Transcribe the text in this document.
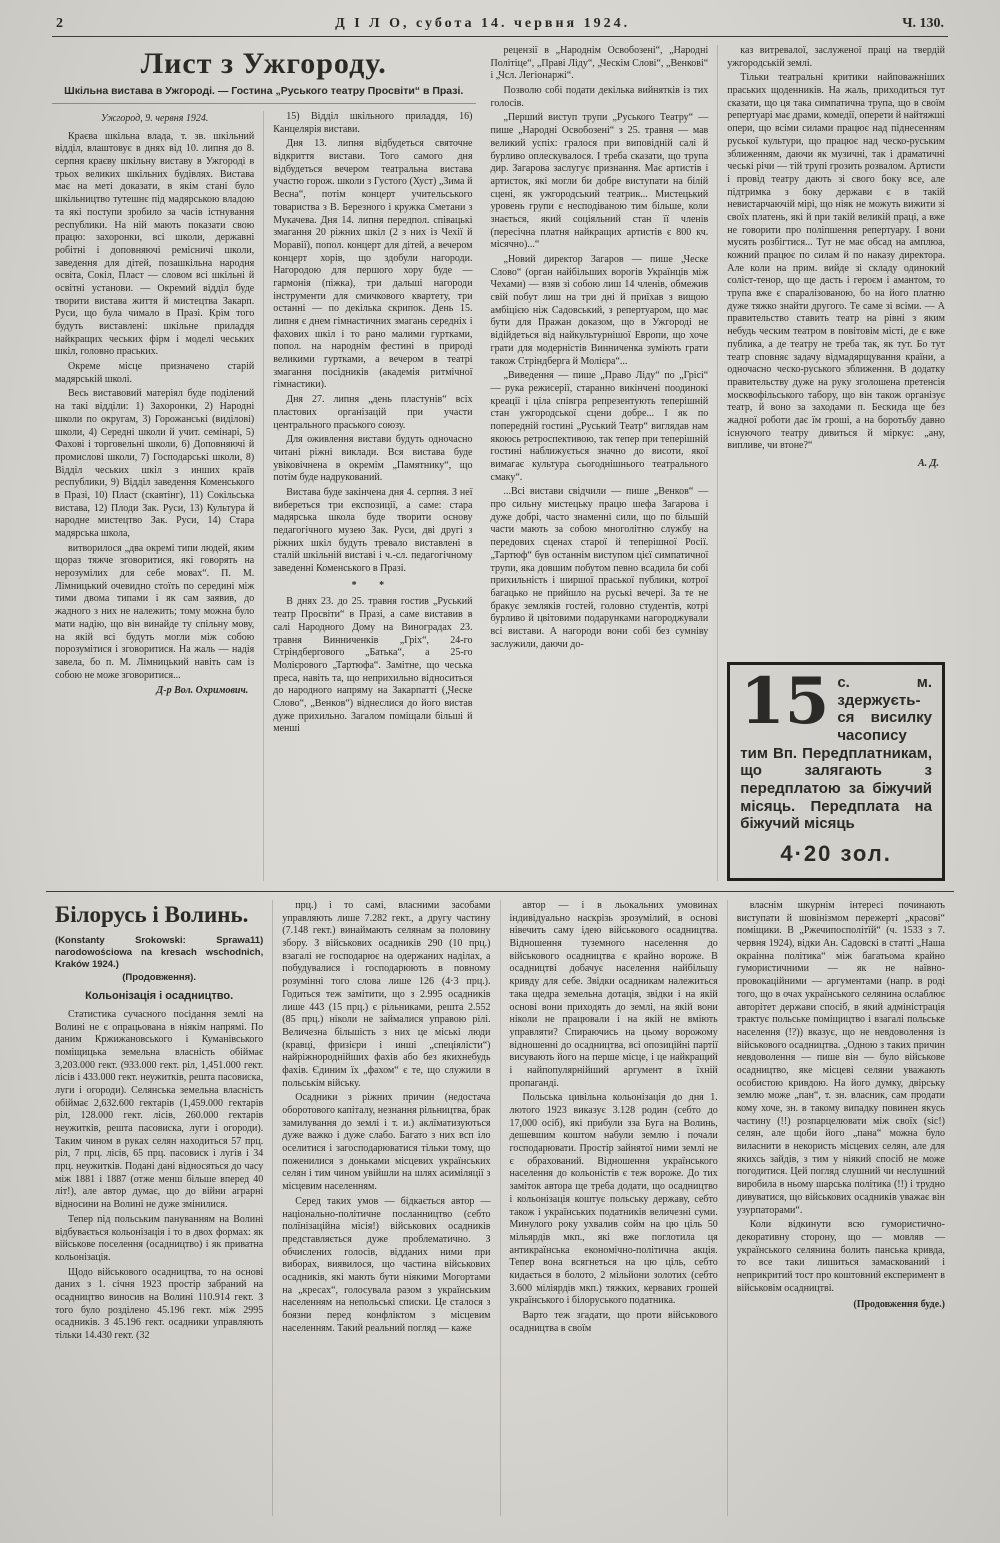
2	Д І Л О, субота 14. червня 1924.	Ч. 130.
Лист з Ужгороду.
Шкільна вистава в Ужгороді. — Гостина „Руського театру Просвіти“ в Празі.

Ужгород, 9. червня 1924.

Краєва шкільна влада, т. зв. шкільний відділ, влаштовує в днях від 10. липня до 8. серпня краєву шкільну виставу в Ужгороді в трьох великих шкільних будівлях. Вистава має на меті доказати, в якім стані було шкільництво тутешнє під мадярською владою та які поступи зробило за часів істнування республики. На ній мають показати свою працю: захоронки, всі школи, державні робітні і доповняючі ремісничі школи, заведення для дітей, позашкільна народня освіта, Сокіл, Пласт — словом всі шкільні й освітні установи. — Окремий відділ буде творити вистава життя й мистецтва Закарп. Руси, що була чимало в Празі. Крім того будуть виставлені: шкільне приладдя найкращих чеських фірм і моделі чеських шкіл, головно праських.

Окреме місце призначено старій мадярській школі.

Весь виставовий матеріял буде поділений на такі відділи: 1) Захоронки, 2) Народні школи по округам, 3) Горожанські (виділові) школи, 4) Середні школи й учит. семінарі, 5) Фахові і торговельні школи, 6) Доповняючі й промислові школи, 7) Господарські школи, 8) Відділ чеських шкіл з инших країв республики, 9) Відділ заведення Коменського в Празі, 10) Пласт (скавтінг), 11) Сокільська вистава, 12) Плоди Зак. Руси, 13) Культура й народне мистецтво Зак. Руси, 14) Стара мадярська школа,

витворилося „два окремі типи людей, яким щораз тяжче зговоритися, які говорять на нерозумілих для себе мовах“. П. М. Лімницький очевидно стоїть по середині між тими двома типами і як сам заявив, до жадного з них не належить; тому можна було мати надію, що він винайде ту спільну мову, на якій всі будуть могли між собою порозумітися і зговоритися. На жаль — надія завела, бо п. М. Лімницький навіть сам із собою не може зговоритися...

Д-р Вол. Охримович.

15) Відділ шкільного приладдя, 16) Канцелярія вистави.

Дня 13. липня відбудеться святочне відкриття вистави. Того самого дня відбудеться вечером театральна вистава участю горож. школи з Густого (Хуст) „Зима й Весна“, потім концерт учительського товариства з В. Березного і кружка Сметани з Мукачева. Дня 14. липня передпол. співацькі змагання 20 ріжних шкіл (2 з них із Чехії й Моравії), попол. концерт для дітей, а вечером концерт хорів, що здобули нагороди. Нагородою для першого хору буде — гармонія (піжка), три дальші нагороди інструменти для смичкового квартету, три останні — по декілька скрипок. День 15. липня є днем гімнастичних змагань середніх і фахових шкіл і то рано малими гуртками, попол. на народнім фестині в природі великими гуртками, а вечером в театрі змагання посідників (академія ритмічної гімнастики).

Дня 27. липня „день пластунів“ всіх пластових організацій при участи центрального праського союзу.

Для оживлення вистави будуть одночасно читані ріжні виклади. Вся вистава буде увіковічнена в окремім „Памятнику“, що потім буде надрукований.

Вистава буде закінчена дня 4. серпня. З неї вибереться три експозиції, а саме: стара мадярська школа буде творити основу педагогічного музею Зак. Руси, дві другі з ріжних шкіл будуть тревало виставлені в сталій шкільній виставі і ч.-сл. педагогічному заведенні Коменського в Празі.

* *

В днях 23. до 25. травня гостив „Руський театр Просвіти“ в Празі, а саме виставив в салі Народного Дому на Виноградах 23. травня Винниченків „Гріх“, 24-го Стріндбергового „Батька“, а 25-го Молієрового „Тартюфа“. Замітне, що чеська преса, навіть та, що неприхильно відноситься до народного напряму на Закарпатті („Ческе Слово“, „Венков“) віднеслися до його вистав дуже прихильно. Загалом поміщали більші й менші

рецензії в „Народнім Освобозені“, „Народні Політіце“, „Праві Ліду“, „Ческім Слові“, „Венкові“ і „Чсл. Легіонаржі“.

Позволю собі подати декілька вийнятків із тих голосів.

„Перший виступ трупи „Руського Театру“ — пише „Народні Освобозені“ з 25. травня — мав великий успіх: гралося при виповідній салі й бурливо оплескувалося. І треба сказати, що трупа дир. Загарова заслугує признання. Має артистів і артисток, які могли би добре виступати на білій сцені, як ужгородський театрик... Мистецький уровень групи є несподіваною тим більше, коли знається, який соціяльний стан її членів (пересічна платня найкращих артистів є 800 кч. місячно)...“

„Новий директор Загаров — пише „Ческе Слово“ (орган найбільших ворогів Українців між Чехами) — взяв зі собою лиш 14 членів, обмежив свій побут лиш на три дні й приїхав з вищою амбіцією ніж Садовський, з репертуаром, що має бути для Пражан доказом, що в Ужгороді не відійдеться від найкультурнішої Европи, що хоче грати для модерністів Винниченка зуміють грати також Стріндберга й Молієра“...

„Виведення — пише „Право Ліду“ по „Грісі“ — рука режисерії, старанно викінчені поодинокі креації і ціла співгра репрезентують теперішній стан ужгородської сцени добре... І як по попередній гостині „Руський Театр“ виглядав нам якоюсь ретроспективою, так тепер при теперішній гостині наближується значно до висоти, якої вимагає культура сьогоднішнього театрального смаку“.

...Всі вистави свідчили — пише „Венков“ — про сильну мистецьку працю шефа Загарова і дуже добрі, часто знаменні сили, що по більшій части мають за собою многолітню службу на передових сценах старої й теперішної Росії. „Тартюф“ був останнім виступом цієї симпатичної трупи, яка довшим побутом певно всадила би собі прихильність і ширшої праської публики, котрої багацько не прийшло на руські вечері. За те не бракує земляків гостей, головно студентів, котрі бурливо й цвітовими подарунками нагороджували всі вистави. А нагороди вони собі без сумніву заслужили, даючи до-

каз витревалої, заслуженої праці на твердій ужгородській землі.

Тільки театральні критики найповажніших праських щоденників. На жаль, приходиться тут сказати, що ця така симпатична трупа, що в своїм репертуарі має драми, комедії, оперети й найтяжші опери, що всіми силами працює над піднесенням руської культури, що працює над ческо-руським зближенням, даючи як музичні, так і драматичні чеські річи — тій трупі грозить розвалом. Артисти і провід театру дають зі свого боку все, але підтримка з боку держави є в такій невистарчаючій мірі, що ніяк не можуть вижити зі своїх платень, які й при такій великій праці, а вже не говорити про поліпшення репертуару. І вони мусять розбігтися... Тут не має обсад на амплюа, кожний працює по силам й по наказу директора. Але коли на прим. вийде зі складу одинокий соліст-тенор, що ще дасть і героєм і амантом, то трупа вже є спаралізованою, бо на його платню дуже тяжко знайти другого. Те саме зі всіми. — А правительство ставить театр на рівні з яким небудь ческим театром в повітовім місті, де є вже публика, а де театру не треба так, як тут. Бо тут театр сповняє задачу відмадярщування країни, а одночасно ческо-руського зближення. В додатку правительству дуже на руку зголошена претенсія москвофільського табору, що він також організує театр, й воно за заходами п. Бескида ще без жадної роботи дає їм гроші, а на боротьбу давно існуючого театру дивиться й міркує: „ану, випливе, чи втоне?“

А. Д.

15 с. м. здержується висилку часопису тим Вп. Передплатникам, що залягають з передплатою за біжучий місяць. Передплата на біжучий місяць
4·20 зол.

Білорусь і Волинь.

11)
(Konstanty Srokowski: Sprawa narodowościowa na kresach wschodnich, Kraków 1924.)

(Продовження).

Кольонізація і осадництво.

Статистика сучасного посідання землі на Волині не є опрацьована в ніякім напрямі. По даним Кржижановського і Куманівського поміщицька земельна власність обіймає 3,203.000 гект. (933.000 гект. ріл, 1,451.000 гект. лісів і 433.000 гект. неужитків, решта пасовиска, луги і огороди). Селянська земельна власність обіймає 2,632.600 гектарів (1,459.000 гектарів ріл, 128.000 гект. лісів, 260.000 гектарів неужитків, решта пасовиска, луги і огороди). Таким чином в руках селян находиться 57 прц. ріл, 7 прц. лісів, 65 прц. пасовиск і лугів і 34 прц. неужитків. Подані дані відносяться до часу між 1881 і 1887 (отже менш більше вперед 40 літ!), але автор думає, що до війни аграрні відносини на Волині не дуже змінилися.

Тепер під польським пануванням на Волині відбувається кольонізація і то в двох формах: як військове поселення (осадництво) і як приватна кольонізація.

Щодо військового осадництва, то на основі даних з 1. січня 1923 простір забраний на осадництво виносив на Волині 110.914 гект. З того було розділено 45.196 гект. між 2995 осадників. З 45.196 гект. осадники управляють тільки 14.430 гект. (32

прц.) і то самі, власними засобами управляють лише 7.282 гект., а другу частину (7.148 гект.) винаймають селянам за половину збору. З військових осадників 290 (10 прц.) взагалі не господарює на одержаних наділах, а побудувалися і господарюють в повному розумінні того слова лише 126 (4·3 прц.). Годиться теж замітити, що з 2.995 осадників лише 443 (15 прц.) є рільниками, решта 2.552 (85 прц.) ніколи не займалися управою рілі. Величезна більшість з них це міські люди (кравці, фризієри і инші „спеціялісти“) найріжнороднійших фахів або без якихнебудь фахів. Єдиним їх „фахом“ є те, що служили в польськім війську.

Осадники з ріжних причин (недостача оборотового капіталу, незнання рільництва, брак замилування до землі і т. и.) аклїматизуються дуже важко і дуже слабо. Багато з них всп іло оселитися і загосподарюватися тільки тому, що поженилися з доньками місцевих українських селян і тим чином увійшли на шлях асиміляції з місцевим населенням.

Серед таких умов — бідкається автор — національно-політичне посланництво (себто полїнізаційна місія!) військових осадників представляється дуже проблематично. З обчислених голосів, відданих ними при виборах, виявилося, що частина військових осадників, які мають бути ніякими Могортами на „кресах“, голосувала разом з українським населенням на непольські списки. Це сталося з боязни перед конфліктом з місцевим населенням. Такий реальний погляд — каже

автор — і в льокальних умовинах індивідуально наскрізь зрозумілий, в основі нівечить саму ідею військового осадництва. Відношення туземного населення до військового осадництва є крайно вороже. В осадництві добачує населення найбільшу кривду для себе. Звідки осадникам належиться така щедра земельна дотація, звідки і на якій основі вони приходять до землі, на якій вони ніколи не працювали і на якій не вміють управляти? Спираючись на цьому ворожому відношенні до осадництва, всі опозиційні партії висувають його на перше місце, і це найкращий і найпопулярнійший аргумент в їхній пропаганді.

Польська цивільна кольонізація до дня 1. лютого 1923 виказує 3.128 родин (себто до 17,000 осіб), які прибули зза Буга на Волинь, дешевшим коштом набули землю і почали господарювати. Простір зайнятої ними землі не є обрахований. Відношення українського населення до кольоністів є теж вороже. До тих заміток автора ще треба додати, що осадництво і кольонізація коштує польську державу, себто також і українських податників величезні суми. Минулого року ухвалив сойм на цю ціль 50 мільярдів мкп., які вже поглотила ця антикраїнська економічно-політична акція. Тепер вона всягнеться на цю ціль, себто кидається в болото, 2 мільйони золотих (себто 3.600 міліярдів мкп.) тяжких, кервавих грошей українського і білоруського податника.

Варто теж згадати, що проти військового осадництва в своїм

власнім шкурнім інтересі починають виступати й шовінізмом пережерті „красові“ поміщики. В „Ржечипосполітїй“ (ч. 1533 з 7. червня 1924), відки Ан. Садовскі в статті „Наша окраінна політика“ між багатьома крайно гумористичними — як не наївно-провокаційними — аргументами (напр. в роді того, що в очах українського селянина ослаблює авторітет держави спосіб, в який адміністрація трактує польське поміщицтво і взагалі польське населення (!?)) вказує, що не невдоволення із військового осадництва. „Одною з таких причин невдоволення — пише він — було військове осадництво, яке місцеві селяни уважають особистою кривдою. На його думку, двірську землю може „пан“, т. зн. власник, сам продати кому хоче, зн. в такому випадку повинен якусь частину (!!) розпарцелювати між своїх (sic!) селян, але щоби його „пана“ можна було виласнити в некористь місцевих селян, але для якихсь зайдів, з тим у ніякий спосіб не може погодитися. Цей погляд слушний чи неслушний виробила в ньому шарська політика (!!) і трудно дивуватися, що військових осадників уважає він узурпаторами“.

Коли відкинути всю гумористично-декоративну сторону, що — мовляв — українського селянина болить панська кривда, то все таки лишиться замаскований і неприкритий тост про коштовний експеримент в військовім осадництві.

(Продовження буде.)
